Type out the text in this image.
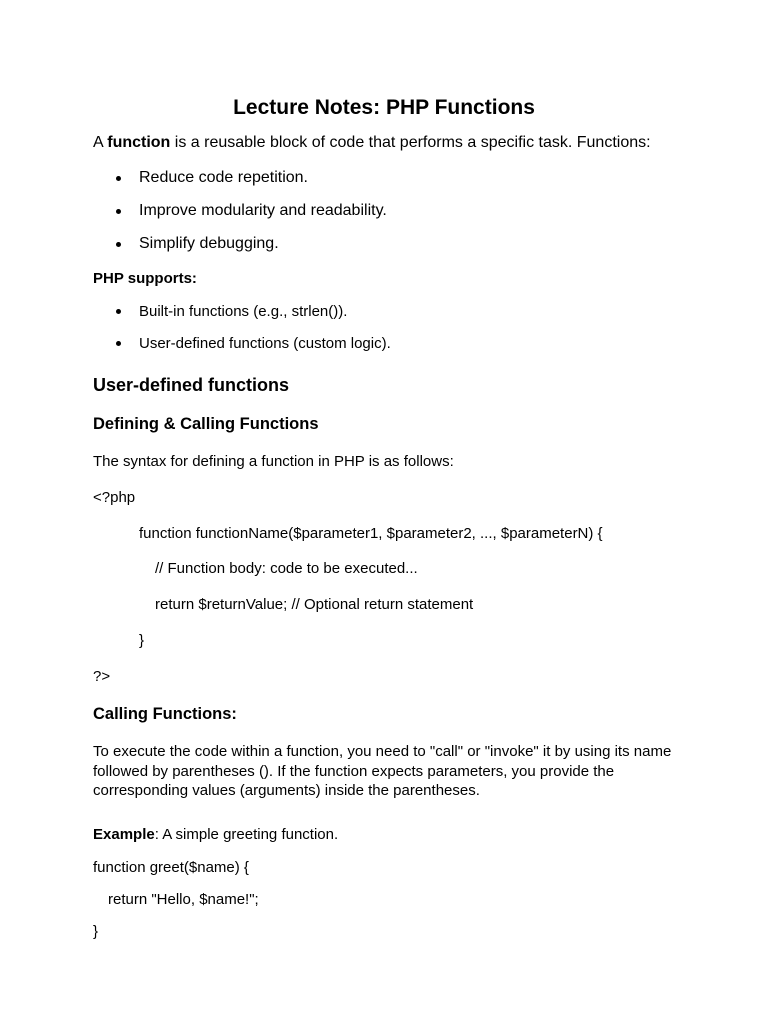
Lecture Notes: PHP Functions
A function is a reusable block of code that performs a specific task. Functions:
Reduce code repetition.
Improve modularity and readability.
Simplify debugging.
PHP supports:
Built-in functions (e.g., strlen()).
User-defined functions (custom logic).
User-defined functions
Defining & Calling Functions
The syntax for defining a function in PHP is as follows:
<?php
function functionName($parameter1, $parameter2, ..., $parameterN) {
// Function body: code to be executed...
return $returnValue; // Optional return statement
}
?>
Calling Functions:
To execute the code within a function, you need to "call" or "invoke" it by using its name followed by parentheses (). If the function expects parameters, you provide the corresponding values (arguments) inside the parentheses.
Example: A simple greeting function.
function greet($name) {
return "Hello, $name!";
}
